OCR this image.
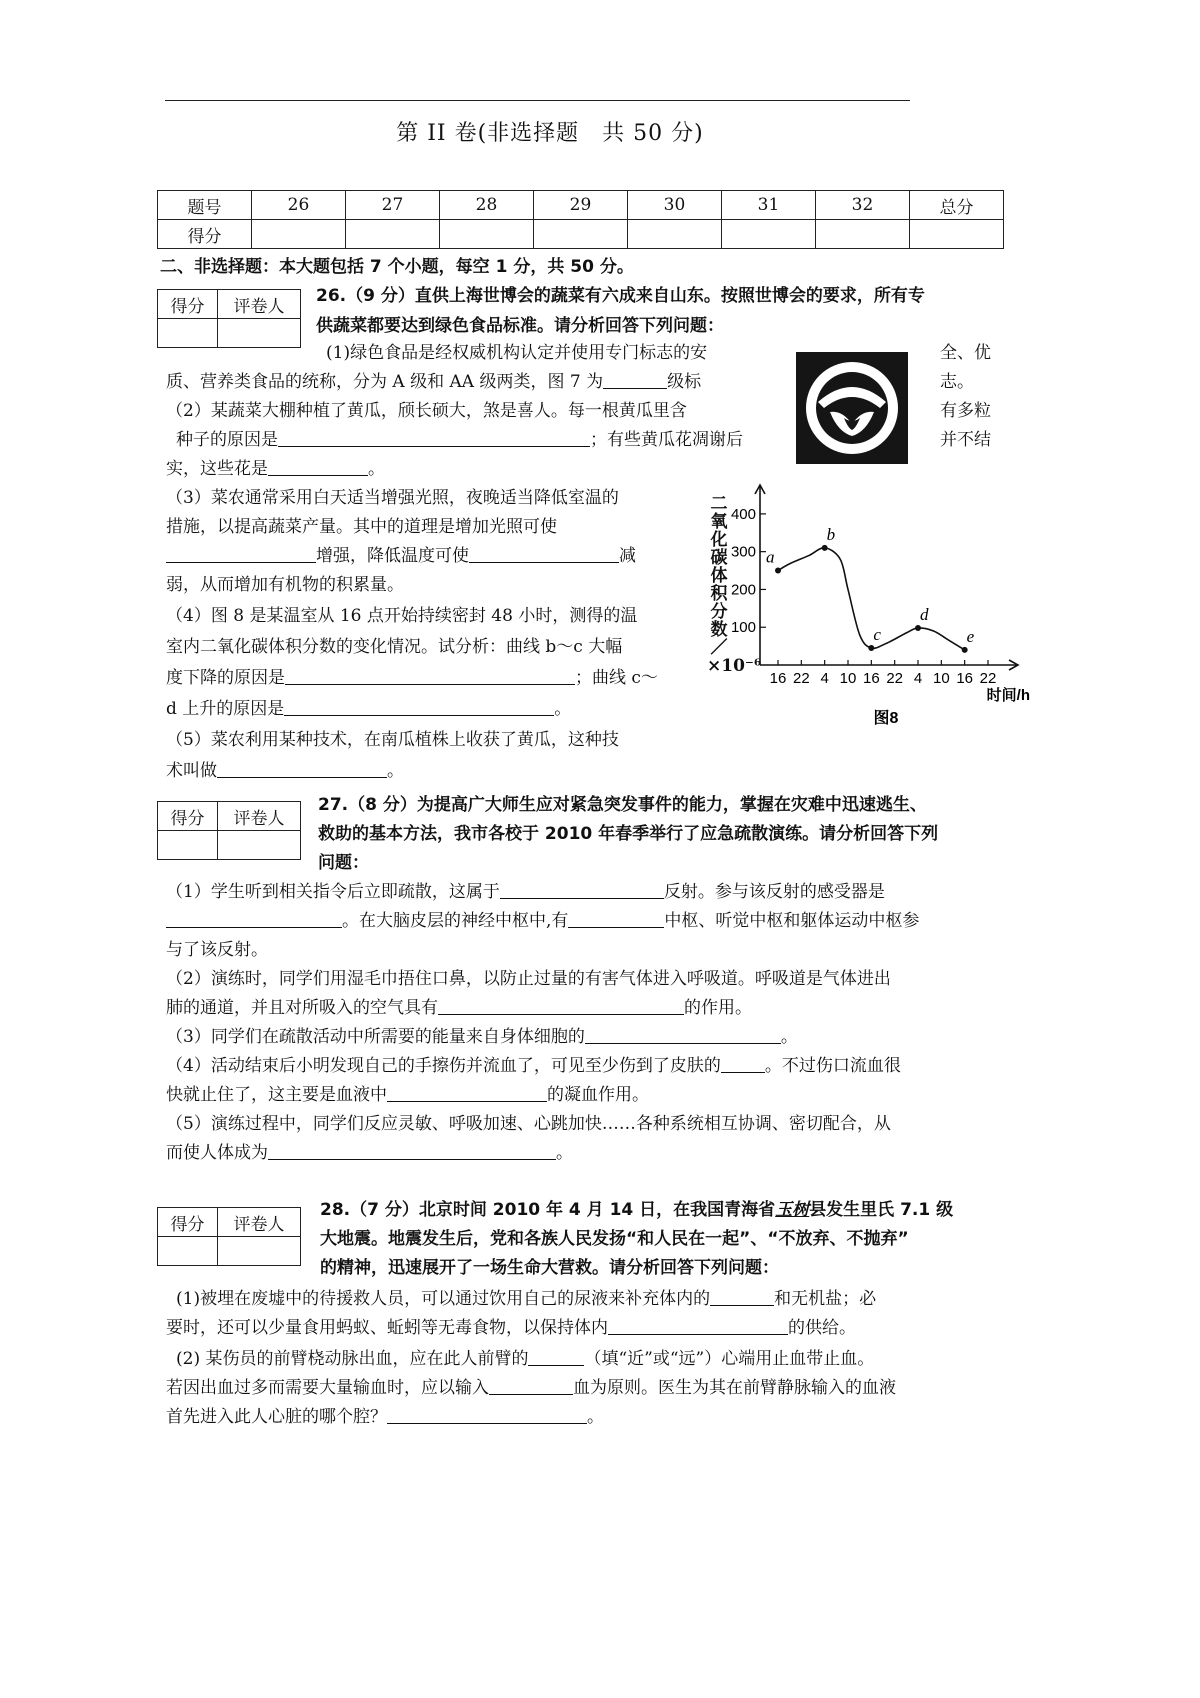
第 II 卷(非选择题　共 50 分)
题号	26	27	28	29	30	31	32	总分
得分								
二、非选择题：本大题包括 7 个小题，每空 1 分，共 50 分。
得分	评卷人

26.（9 分）直供上海世博会的蔬菜有六成来自山东。按照世博会的要求，所有专
供蔬菜都要达到绿色食品标准。请分析回答下列问题：
(1)绿色食品是经权威机构认定并使用专门标志的安	全、优
质、营养类食品的统称，分为 A 级和 AA 级两类，图 7 为	级标	志。
（2）某蔬菜大棚种植了黄瓜，颀长硕大，煞是喜人。每一根黄瓜里含	有多粒
种子的原因是	；有些黄瓜花凋谢后	并不结
实，这些花是	。
（3）菜农通常采用白天适当增强光照，夜晚适当降低室温的
措施，以提高蔬菜产量。其中的道理是增加光照可使
增强，降低温度可使	减
弱，从而增加有机物的积累量。
（4）图 8 是某温室从 16 点开始持续密封 48 小时，测得的温
室内二氧化碳体积分数的变化情况。试分析：曲线 b～c 大幅
度下降的原因是	；曲线 c～
d 上升的原因是	。
（5）菜农利用某种技术，在南瓜植株上收获了黄瓜，这种技
术叫做	。
100
200
300
400
16 22 4 10 16 22 4 10 16 22
时间/h
图8
a
b
c
d
e
二氧化碳体积分数／×10⁻⁶
得分	评卷人

27.（8 分）为提高广大师生应对紧急突发事件的能力，掌握在灾难中迅速逃生、
救助的基本方法，我市各校于 2010 年春季举行了应急疏散演练。请分析回答下列
问题：
（1）学生听到相关指令后立即疏散，这属于	反射。参与该反射的感受器是
。在大脑皮层的神经中枢中,有	中枢、听觉中枢和躯体运动中枢参
与了该反射。
（2）演练时，同学们用湿毛巾捂住口鼻，以防止过量的有害气体进入呼吸道。呼吸道是气体进出
肺的通道，并且对所吸入的空气具有	的作用。
（3）同学们在疏散活动中所需要的能量来自身体细胞的	。
（4）活动结束后小明发现自己的手擦伤并流血了，可见至少伤到了皮肤的	。不过伤口流血很
快就止住了，这主要是血液中	的凝血作用。
（5）演练过程中，同学们反应灵敏、呼吸加速、心跳加快……各种系统相互协调、密切配合，从
而使人体成为	。
得分	评卷人

28.（7 分）北京时间 2010 年 4 月 14 日，在我国青海省玉树县发生里氏 7.1 级
大地震。地震发生后，党和各族人民发扬“和人民在一起”、“不放弃、不抛弃”
的精神，迅速展开了一场生命大营救。请分析回答下列问题：
(1)被埋在废墟中的待援救人员，可以通过饮用自己的尿液来补充体内的	和无机盐；必
要时，还可以少量食用蚂蚁、蚯蚓等无毒食物，以保持体内	的供给。
(2) 某伤员的前臂桡动脉出血，应在此人前臂的	（填“近”或“远”）心端用止血带止血。
若因出血过多而需要大量输血时，应以输入	血为原则。医生为其在前臂静脉输入的血液
首先进入此人心脏的哪个腔？	。
